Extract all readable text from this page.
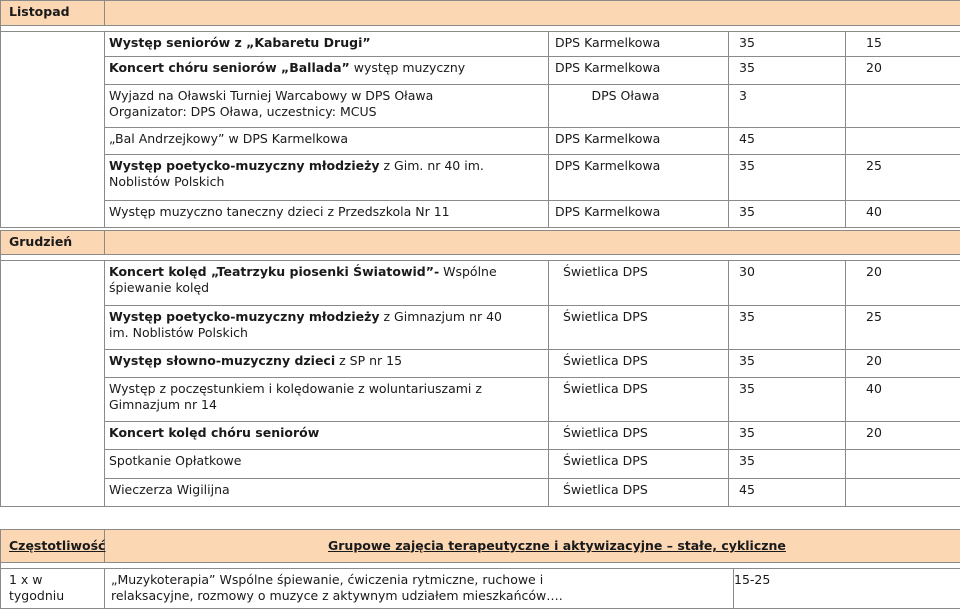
Listopad				

	Występ seniorów z „Kabaretu Drugi”	DPS Karmelkowa	35	15

	Koncert chóru seniorów „Ballada” występ muzyczny	DPS Karmelkowa	35	20

	Wyjazd na Oławski Turniej Warcabowy w DPS Oława Organizator: DPS Oława, uczestnicy: MCUS	DPS Oława	3	

	„Bal Andrzejkowy” w DPS Karmelkowa	DPS Karmelkowa	45	

	Występ poetycko-muzyczny młodzieży z Gim. nr 40 im. Noblistów Polskich	DPS Karmelkowa	35	25

	Występ muzyczno taneczny dzieci z Przedszkola Nr 11	DPS Karmelkowa	35	40
Grudzień				

	Koncert kolęd „Teatrzyku piosenki Światowid”- Wspólne śpiewanie kolęd	Świetlica DPS	30	20

	Występ poetycko-muzyczny młodzieży z Gimnazjum nr 40 im. Noblistów Polskich	Świetlica DPS	35	25

	Występ słowno-muzyczny dzieci z SP nr 15	Świetlica DPS	35	20

	Występ z poczęstunkiem i kolędowanie z woluntariuszami z Gimnazjum nr 14	Świetlica DPS	35	40

	Koncert kolęd chóru seniorów	Świetlica DPS	35	20

	Spotkanie Opłatkowe	Świetlica DPS	35	

	Wieczerza Wigilijna	Świetlica DPS	45	

Częstotliwość	Grupowe zajęcia terapeutyczne i aktywizacyjne – stałe, cykliczne	

1 x w tygodniu	„Muzykoterapia” Wspólne śpiewanie, ćwiczenia rytmiczne, ruchowe i relaksacyjne, rozmowy o muzyce z aktywnym udziałem mieszkańców….	15-25
